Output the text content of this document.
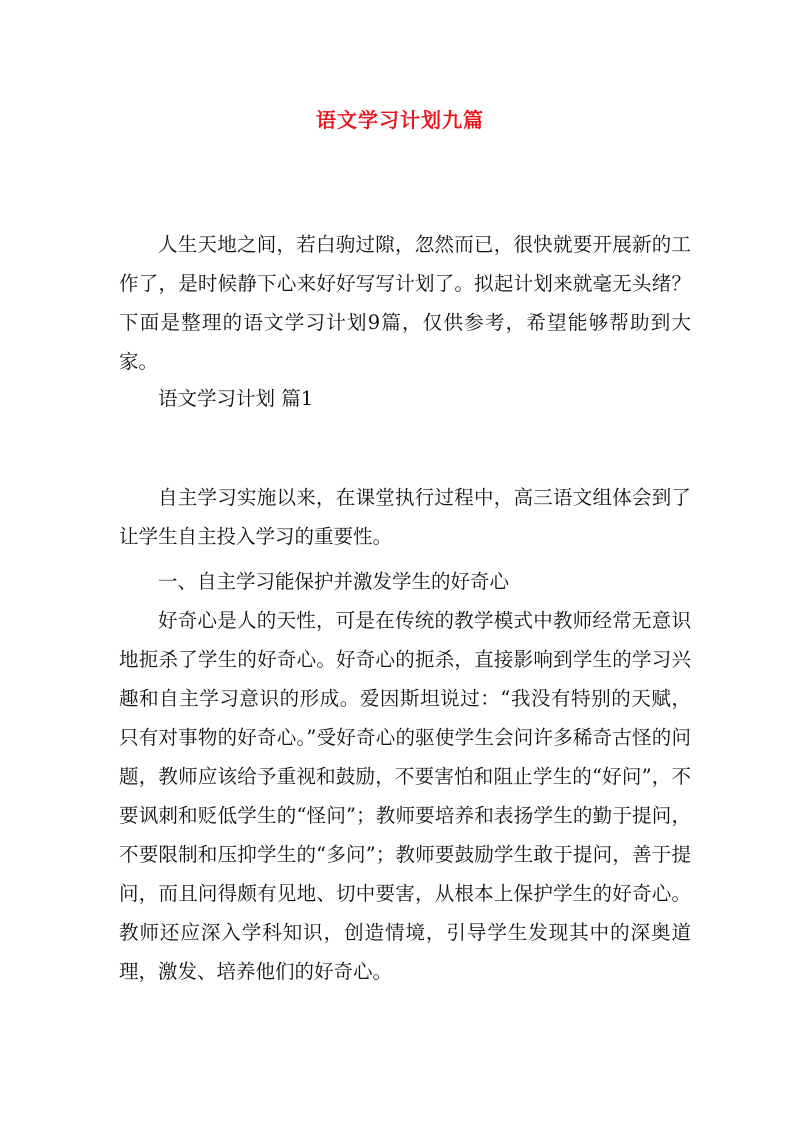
语文学习计划九篇

人生天地之间，若白驹过隙，忽然而已，很快就要开展新的工作了，是时候静下心来好好写写计划了。拟起计划来就毫无头绪？下面是整理的语文学习计划9篇，仅供参考，希望能够帮助到大家。

语文学习计划 篇1

自主学习实施以来，在课堂执行过程中，高三语文组体会到了让学生自主投入学习的重要性。

一、自主学习能保护并激发学生的好奇心

好奇心是人的天性，可是在传统的教学模式中教师经常无意识地扼杀了学生的好奇心。好奇心的扼杀，直接影响到学生的学习兴趣和自主学习意识的形成。爱因斯坦说过：“我没有特别的天赋，只有对事物的好奇心。”受好奇心的驱使学生会问许多稀奇古怪的问题，教师应该给予重视和鼓励，不要害怕和阻止学生的“好问”，不要讽刺和贬低学生的“怪问”；教师要培养和表扬学生的勤于提问，不要限制和压抑学生的“多问”；教师要鼓励学生敢于提问，善于提问，而且问得颇有见地、切中要害，从根本上保护学生的好奇心。教师还应深入学科知识，创造情境，引导学生发现其中的深奥道理，激发、培养他们的好奇心。
